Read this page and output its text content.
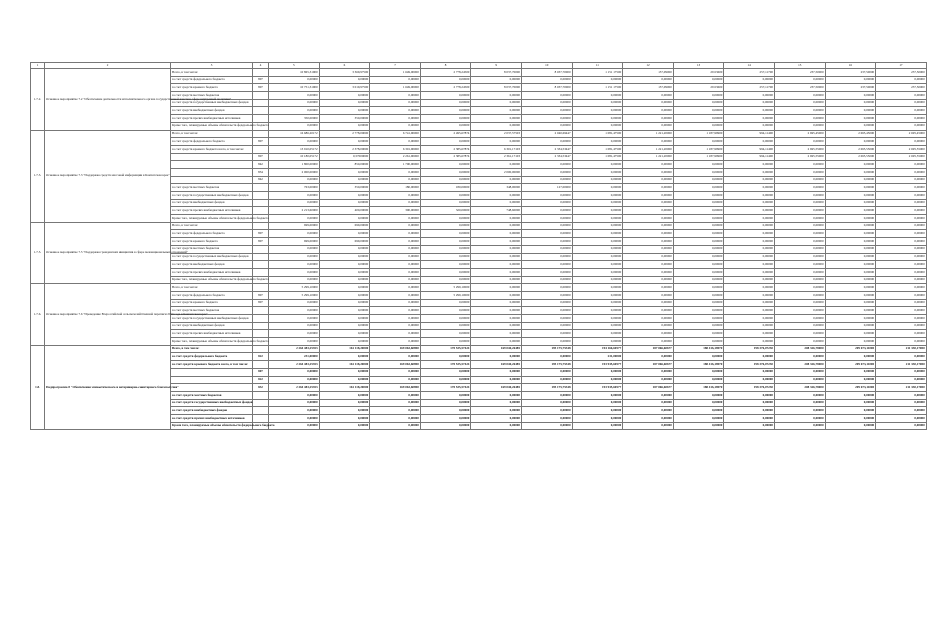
1	2	3	4	5	6	7	8	9	10	11	12	13	14	15	16	17
1.7.2.	Основное мероприятие 7.2 "Обеспечение деятельности исполнительного органа государственной власти в сфере внутренней политики"	Всего, в том числе:		10 865,31900	3 369,97500	1 649,00000	2 778,24500	8 037,70000	8 037,70000	1 151 17500	157,09000	29 63600	257,11700	237,50000	237,50000	237,50000
		за счет средств федерального бюджета	807	0,00000	0,00000	0,00000	0,00000	0,00000	0,00000	0,00000	0,00000	0,00000	0,00000	0,00000	0,00000	0,00000
		за счет средств краевого бюджета	807	10 751,31900	3 019,97500	1 649,00000	2 778,24500	8 037,70000	8 037,70000	1 151 17500	157,09000	29 63600	257,11700	237,50000	237,50000	237,50000
		за счет средств местных бюджетов		0,00000	0,00000	0,00000	0,00000	0,00000	0,00000	0,00000	0,00000	0,00000	0,00000	0,00000	0,00000	0,00000
		за счет средств государственных внебюджетных фондов		0,00000	0,00000	0,00000	0,00000	0,00000	0,00000	0,00000	0,00000	0,00000	0,00000	0,00000	0,00000	0,00000
		за счет средств внебюджетных фондов		0,00000	0,00000	0,00000	0,00000	0,00000	0,00000	0,00000	0,00000	0,00000	0,00000	0,00000	0,00000	0,00000
		за счет средств прочих внебюджетных источников		350,00000	350,00000	0,00000	0,00000	0,00000	0,00000	0,00000	0,00000	0,00000	0,00000	0,00000	0,00000	0,00000
		Кроме того, планируемые объемы обязательств федерального бюджета		0,00000	0,00000	0,00000	0,00000	0,00000	0,00000	0,00000	0,00000	0,00000	0,00000	0,00000	0,00000	0,00000
1.7.3.	Основное мероприятие 7.3 "Поддержка средств массовой информации в Камчатском крае"	Всего, в том числе:		16 686,20172	2 778,00000	6 741,90000	2 495,67874	2 037,57503	2 040,69447	1 081,47500	1 221,20000	1 187,99900	994,11400	2 695,45000	2 695,45000	2 695,45000
		за счет средств федерального бюджета	807	0,00000	0,00000	0,00000	0,00000	0,00000	0,00000	0,00000	0,00000	0,00000	0,00000	0,00000	0,00000	0,00000
		за счет средств краевого бюджета всего, в том числе:		13 910,05172	2 378,00000	6 301,90000	2 385,67874	6 301,17103	2 334,53447	1 081,47500	1 221,20000	1 187,99900	994,11400	2 695,55000	2 695,55000	2 695,55000
			807	10 180,05172	0,57000000	2 261,90000	2 385,67874	2 361,17103	2 334,53447	1 081,47500	1 221,20000	1 187,99900	994,11400	2 695,55000	2 695,55000	2 695,55000
			842	1 800,00000	850,00000	1 700,00000	0,00000	0,00000	0,00000	0,00000	0,00000	0,00000	0,00000	0,00000	0,00000	0,00000
			834	2 000,00000	0,00000	0,00000	0,00000	2 000,00000	0,00000	0,00000	0,00000	0,00000	0,00000	0,00000	0,00000	0,00000
			842	0,00000	0,00000	0,00000	0,00000	0,00000	0,00000	0,00000	0,00000	0,00000	0,00000	0,00000	0,00000	0,00000
		за счет средств местных бюджетов		763,00000	350,00000	180,00000	180,00000	348,00000	127,00000	0,00000	0,00000	0,00000	0,00000	0,00000	0,00000	0,00000
		за счет средств государственных внебюджетных фондов		0,00000	0,00000	0,00000	0,00000	0,00000	0,00000	0,00000	0,00000	0,00000	0,00000	0,00000	0,00000	0,00000
		за счет средств внебюджетных фондов		0,00000	0,00000	0,00000	0,00000	0,00000	0,00000	0,00000	0,00000	0,00000	0,00000	0,00000	0,00000	0,00000
		за счет средств прочих внебюджетных источников		2 213,60000	400,00000	300,00000	320,00000	748,60000	0,00000	0,00000	0,00000	0,00000	0,00000	0,00000	0,00000	0,00000
		Кроме того, планируемые объемы обязательств федерального бюджета		0,00000	0,00000	0,00000	0,00000	0,00000	0,00000	0,00000	0,00000	0,00000	0,00000	0,00000	0,00000	0,00000
1.7.5.	Основное мероприятие 7.5 "Поддержка гражданских инициатив в сфере межнациональных отношений"	Всего, в том числе:		699,00000	699,00000	0,00000	0,00000	0,00000	0,00000	0,00000	0,00000	0,00000	0,00000	0,00000	0,00000	0,00000
		за счет средств федерального бюджета	807	0,00000	0,00000	0,00000	0,00000	0,00000	0,00000	0,00000	0,00000	0,00000	0,00000	0,00000	0,00000	0,00000
		за счет средств краевого бюджета	807	699,00000	699,00000	0,00000	0,00000	0,00000	0,00000	0,00000	0,00000	0,00000	0,00000	0,00000	0,00000	0,00000
		за счет средств местных бюджетов		0,00000	0,00000	0,00000	0,00000	0,00000	0,00000	0,00000	0,00000	0,00000	0,00000	0,00000	0,00000	0,00000
		за счет средств государственных внебюджетных фондов		0,00000	0,00000	0,00000	0,00000	0,00000	0,00000	0,00000	0,00000	0,00000	0,00000	0,00000	0,00000	0,00000
		за счет средств внебюджетных фондов		0,00000	0,00000	0,00000	0,00000	0,00000	0,00000	0,00000	0,00000	0,00000	0,00000	0,00000	0,00000	0,00000
		за счет средств прочих внебюджетных источников		0,00000	0,00000	0,00000	0,00000	0,00000	0,00000	0,00000	0,00000	0,00000	0,00000	0,00000	0,00000	0,00000
		Кроме того, планируемые объемы обязательств федерального бюджета		0,00000	0,00000	0,00000	0,00000	0,00000	0,00000	0,00000	0,00000	0,00000	0,00000	0,00000	0,00000	0,00000
1.7.6.	Основное мероприятие 7.6 "Проведение Всероссийской сельскохозяйственной переписи 2016 года в Камчатском крае"	Всего, в том числе:		5 299,10000	0,00000	0,00000	5 299,10000	0,00000	0,00000	0,00000	0,00000	0,00000	0,00000	0,00000	0,00000	0,00000
		за счет средств федерального бюджета	807	5 299,10000	0,00000	0,00000	5 299,10000	0,00000	0,00000	0,00000	0,00000	0,00000	0,00000	0,00000	0,00000	0,00000
		за счет средств краевого бюджета	807	0,00000	0,00000	0,00000	0,00000	0,00000	0,00000	0,00000	0,00000	0,00000	0,00000	0,00000	0,00000	0,00000
		за счет средств местных бюджетов		0,00000	0,00000	0,00000	0,00000	0,00000	0,00000	0,00000	0,00000	0,00000	0,00000	0,00000	0,00000	0,00000
		за счет средств государственных внебюджетных фондов		0,00000	0,00000	0,00000	0,00000	0,00000	0,00000	0,00000	0,00000	0,00000	0,00000	0,00000	0,00000	0,00000
		за счет средств внебюджетных фондов		0,00000	0,00000	0,00000	0,00000	0,00000	0,00000	0,00000	0,00000	0,00000	0,00000	0,00000	0,00000	0,00000
		за счет средств прочих внебюджетных источников		0,00000	0,00000	0,00000	0,00000	0,00000	0,00000	0,00000	0,00000	0,00000	0,00000	0,00000	0,00000	0,00000
		Кроме того, планируемые объемы обязательств федерального бюджета		0,00000	0,00000	0,00000	0,00000	0,00000	0,00000	0,00000	0,00000	0,00000	0,00000	0,00000	0,00000	0,00000
1.8.	Подпрограмма 8 "Обеспечение эпизоотического и ветеринарно-санитарного благополучия"	Всего, в том числе:		2 264 483,25353	161 118,20000	169 063,60890	170 535,57424	169 040,26485	195 175,75348	194 166,60577	187 066,60677	188 416,18970	198 376,07230	208 326,78000	209 673,11000	211 330,17000
		за счет средств федерального бюджета	822	231,00000	0,00000	0,00000	0,00000	0,00000	0,00000	231,00000	0,00000	0,00000	0,00000	0,00000	0,00000	0,00000
		за счет средств краевого бюджета всего, в том числе:		2 264 483,25353	161 118,20000	169 063,60890	170 535,57424	169 040,26485	195 175,75348	193 935,60577	187 066,60677	188 416,18970	198 376,07230	208 326,78000	209 673,11000	211 330,17000
			807	0,00000	0,00000	0,00000	0,00000	0,00000	0,00000	0,00000	0,00000	0,00000	0,00000	0,00000	0,00000	0,00000
			822	0,00000	0,00000	0,00000	0,00000	0,00000	0,00000	0,00000	0,00000	0,00000	0,00000	0,00000	0,00000	0,00000
			832	2 264 483,25353	161 118,20000	169 063,60890	170 535,57424	169 040,26485	195 175,75348	193 935,60577	187 066,60677	188 416,18970	198 376,07230	208 326,78000	209 673,11000	211 330,17000
		за счет средств местных бюджетов		0,00000	0,00000	0,00000	0,00000	0,00000	0,00000	0,00000	0,00000	0,00000	0,00000	0,00000	0,00000	0,00000
		за счет средств государственных внебюджетных фондов		0,00000	0,00000	0,00000	0,00000	0,00000	0,00000	0,00000	0,00000	0,00000	0,00000	0,00000	0,00000	0,00000
		за счет средств внебюджетных фондов		0,00000	0,00000	0,00000	0,00000	0,00000	0,00000	0,00000	0,00000	0,00000	0,00000	0,00000	0,00000	0,00000
		за счет средств прочих внебюджетных источников		0,00000	0,00000	0,00000	0,00000	0,00000	0,00000	0,00000	0,00000	0,00000	0,00000	0,00000	0,00000	0,00000
		Кроме того, планируемые объемы обязательств федерального бюджета		0,00000	0,00000	0,00000	0,00000	0,00000	0,00000	0,00000	0,00000	0,00000	0,00000	0,00000	0,00000	0,00000
